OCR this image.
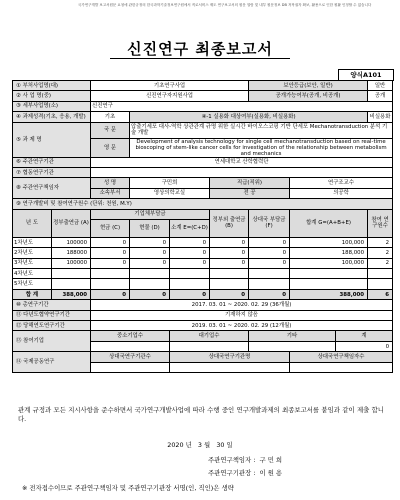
국가연구개발 보고서원문 요청에 관한규정의 한국과학기술정보연구원에서 직로서비스 제도 연구보고서의 원문 열람 및 내부 원문정보 DB 저작권자 확보, 활용으로 인한 원활 인정할 수 없습니다
신진연구 최종보고서
양식A101
① 부처사업명(대)		기초연구사업				보안등급(보안, 일반)			일반
② 사 업 명(중)		신진연구자지원사업				공개가능여부(공개, 비공개)			공개
③ 세부사업명(소)		신진연구							
④ 과제성격(기초, 응용, 개발)		기초	④-1 실용화 대상여부(실용화, 비실용화)						비실용화
⑤ 과 제 명		국 문	압출기세포 대사-역학 상관관계 규명 위한 실시간 바이오스코핑 기반 단세포 Mechanotransduction 분석 기술 개발						
		영 문	Development of analysis technology for single cell mechanotransduction based on real-time bioscoping of stem-like cancer cells for investigation of the relationship between metabolism and mechanics						
⑥ 주관연구기관		연세대학교 산학협력단							
⑦ 협동연구기관									
⑧ 주관연구책임자		성 명	구민희		직급(직위)		연구조교수		
		소속부서	영상의학교실		전 공		의공학		
⑨ 연구개발비 및 참여연구원수 (단위: 천원, M.Y)									
년 도	정부출연금 (A)	기업체부담금			정부외 출연금 (B)	상대국 부담금 (F)	합계 G=(A+B+E)		참여 연구원수
		현금 (C)	현물 (D)	소계 E=(C+D)					
1차년도	100000	0	0	0	0	0	100,000		2
2차년도	188000	0	0	0	0	0	188,000		2
3차년도	100000	0	0	0	0	0	100,000		2
4차년도									
5차년도									
합 계	388,000	0	0	0	0	0	388,000		6
⑩ 총연구기간		2017. 03. 01 ~ 2020. 02. 29 (36개월)							
⑪ 다년도협약연구기간		기재하지 않음							
⑫ 당해연도연구기간		2019. 03. 01 ~ 2020. 02. 29 (12개월)							
⑬ 참여기업		중소기업수		대기업수		기타		계	
								0	
⑭ 국제공동연구		상대국연구기관수		상대국연구기관명			상대국연구책임자수		

관계 규정과 모든 지시사항을 준수하면서 국가연구개발사업에 따라 수행 중인 연구개발과제의 최종보고서를 붙임과 같이 제출 합니다.
2020 년 3 월 30 일
주관연구책임자 : 구 민 희
주관연구기관장 : 이 원 용
※ 전자접수이므로 주관연구책임자 및 주관연구기관장 서명(인, 직인)은 생략
